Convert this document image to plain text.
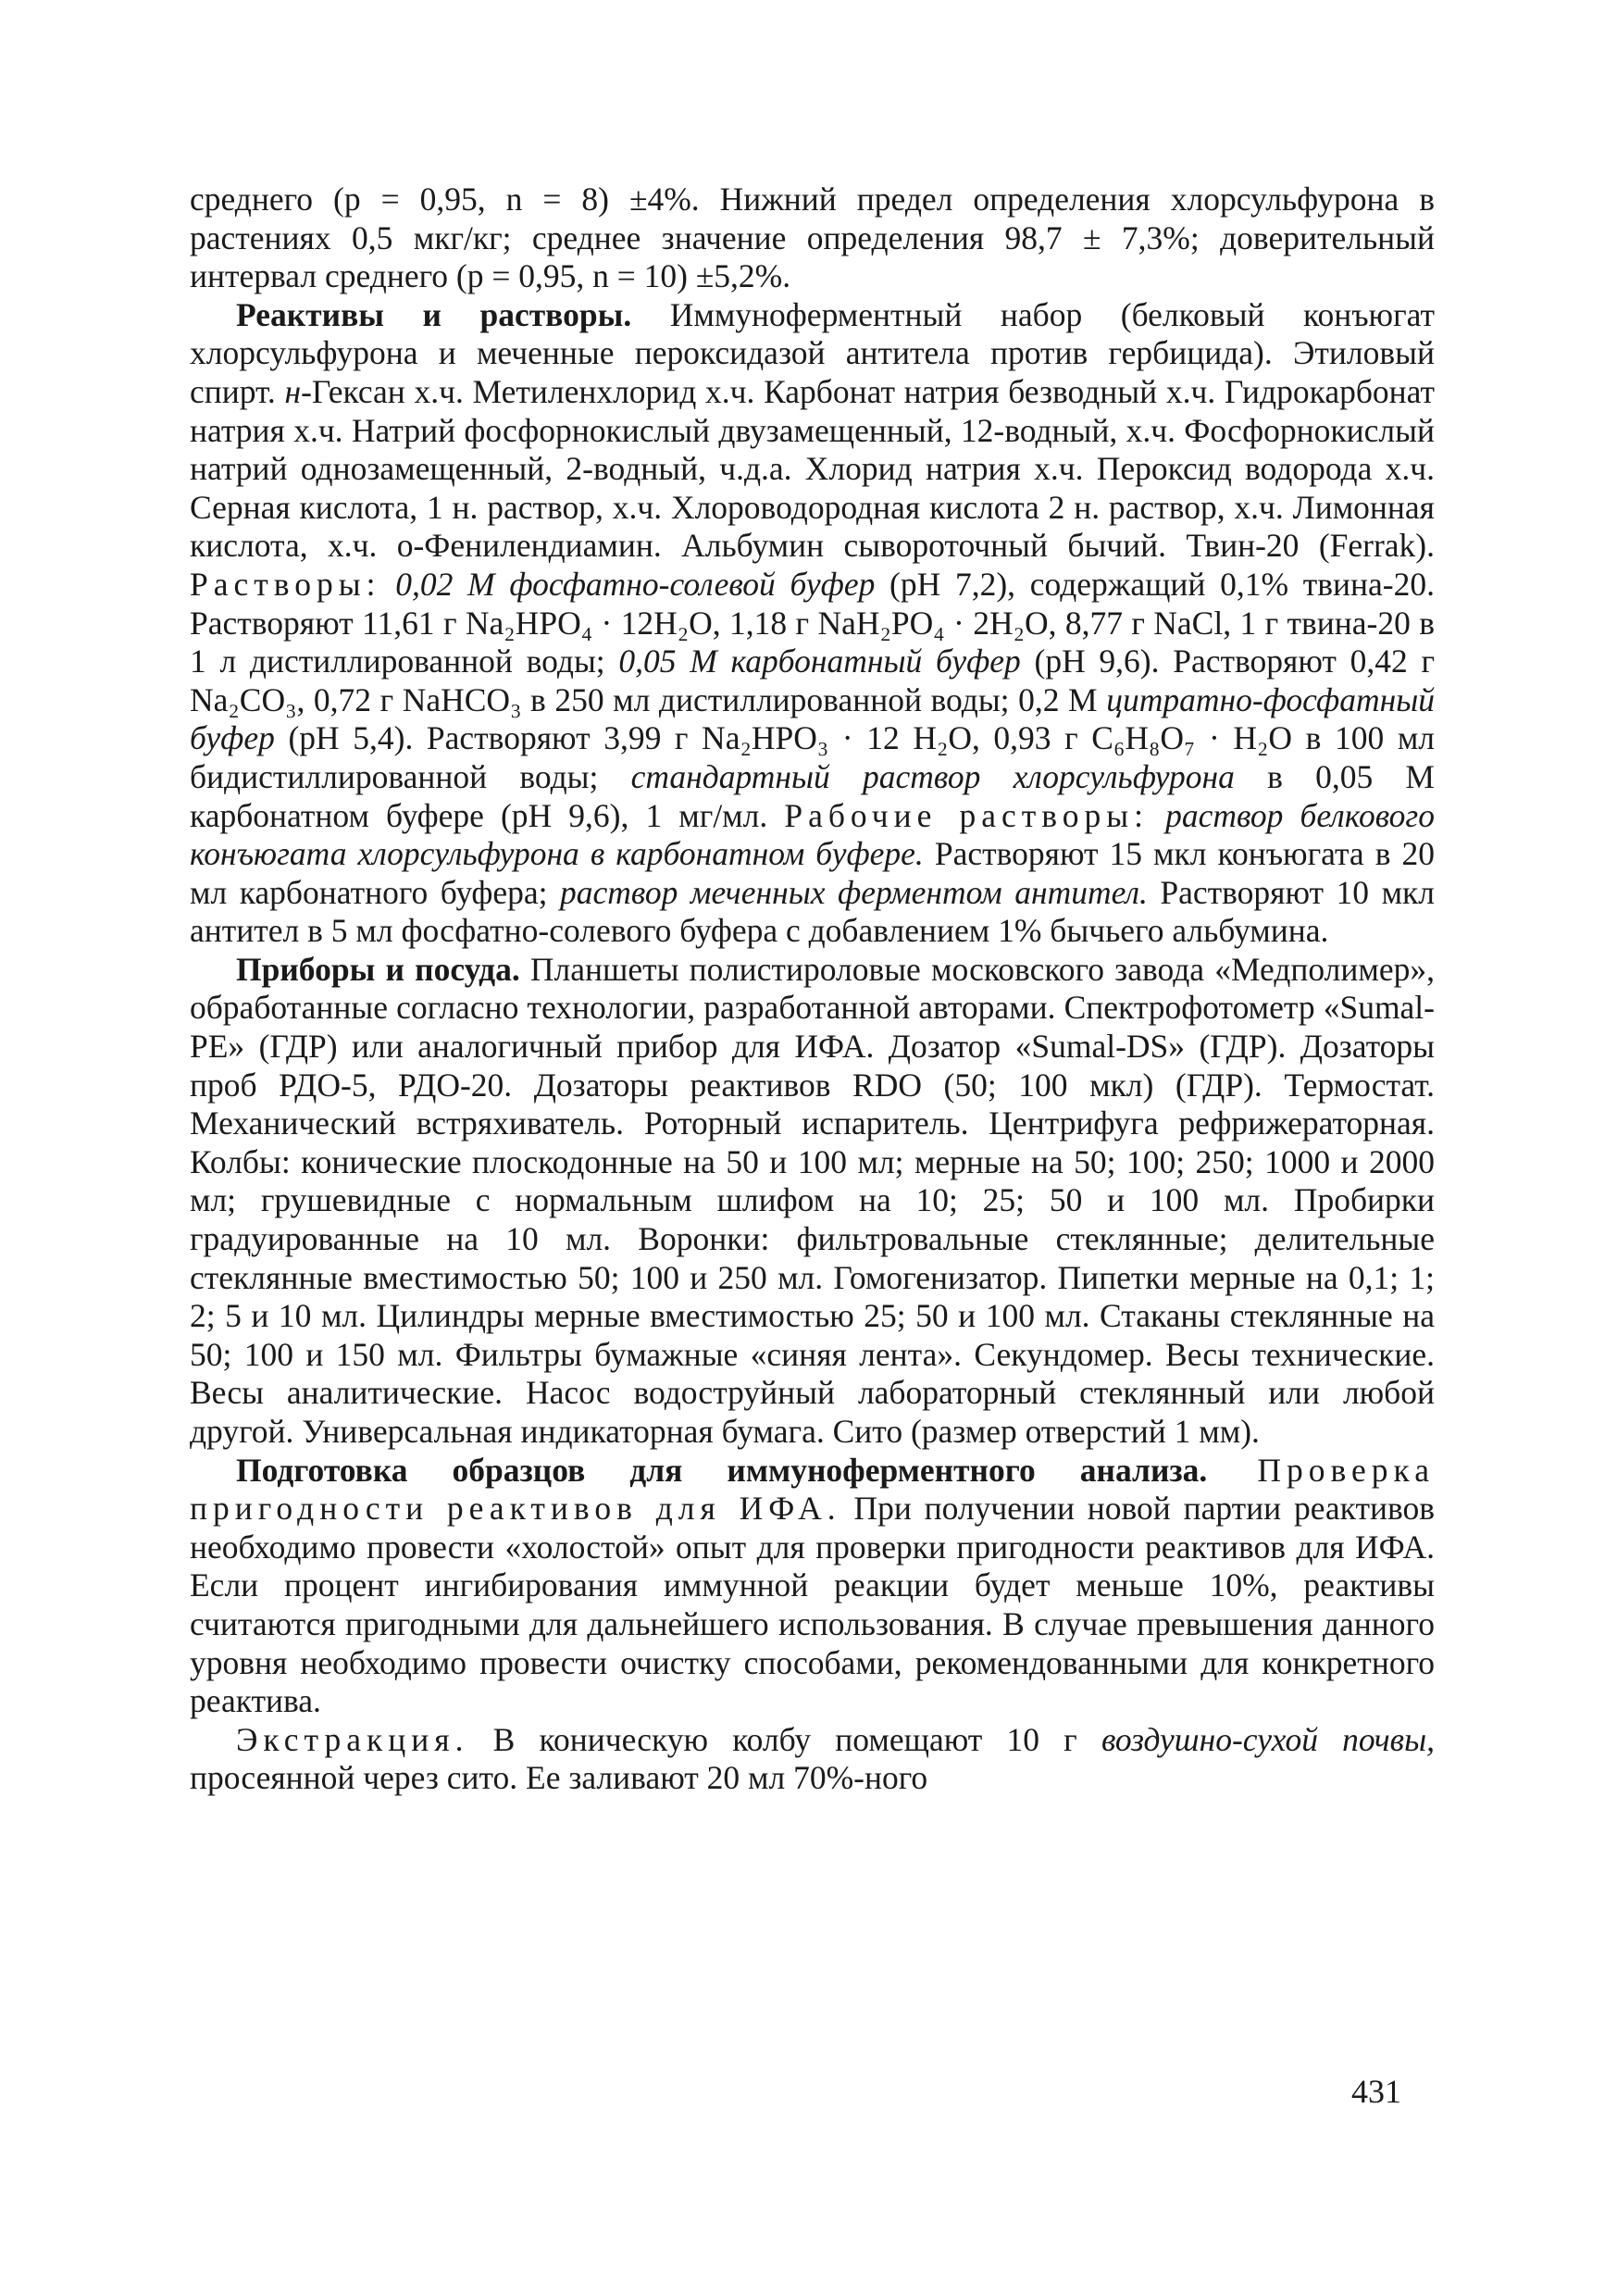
среднего (p = 0,95, n = 8) ±4%. Нижний предел определения хлорсульфурона в растениях 0,5 мкг/кг; среднее значение определения 98,7 ± 7,3%; доверительный интервал среднего (p = 0,95, n = 10) ±5,2%.

Реактивы и растворы. Иммуноферментный набор (белковый конъюгат хлорсульфурона и меченные пероксидазой антитела против гербицида). Этиловый спирт. н-Гексан х.ч. Метиленхлорид х.ч. Карбонат натрия безводный х.ч. Гидрокарбонат натрия х.ч. Натрий фосфорнокислый двузамещенный, 12-водный, х.ч. Фосфорнокислый натрий однозамещенный, 2-водный, ч.д.а. Хлорид натрия х.ч. Пероксид водорода х.ч. Серная кислота, 1 н. раствор, х.ч. Хлороводородная кислота 2 н. раствор, х.ч. Лимонная кислота, х.ч. о-Фенилендиамин. Альбумин сывороточный бычий. Твин-20 (Ferrak). Растворы: 0,02 М фосфатно-солевой буфер (pH 7,2), содержащий 0,1% твина-20. Растворяют 11,61 г Na₂HPO₄ · 12H₂O, 1,18 г NaH₂PO₄ · 2H₂O, 8,77 г NaCl, 1 г твина-20 в 1 л дистиллированной воды; 0,05 М карбонатный буфер (pH 9,6). Растворяют 0,42 г Na₂CO₃, 0,72 г NaHCO₃ в 250 мл дистиллированной воды; 0,2 М цитратно-фосфатный буфер (pH 5,4). Растворяют 3,99 г Na₂HPO₃ · 12 H₂O, 0,93 г C₆H₈O₇ · H₂O в 100 мл бидистиллированной воды; стандартный раствор хлорсульфурона в 0,05 М карбонатном буфере (pH 9,6), 1 мг/мл. Рабочие растворы: раствор белкового конъюгата хлорсульфурона в карбонатном буфере. Растворяют 15 мкл конъюгата в 20 мл карбонатного буфера; раствор меченных ферментом антител. Растворяют 10 мкл антител в 5 мл фосфатно-солевого буфера с добавлением 1% бычьего альбумина.

Приборы и посуда. Планшеты полистироловые московского завода «Медполимер», обработанные согласно технологии, разработанной авторами. Спектрофотометр «Sumal-PE» (ГДР) или аналогичный прибор для ИФА. Дозатор «Sumal-DS» (ГДР). Дозаторы проб РДО-5, РДО-20. Дозаторы реактивов RDO (50; 100 мкл) (ГДР). Термостат. Механический встряхиватель. Роторный испаритель. Центрифуга рефрижераторная. Колбы: конические плоскодонные на 50 и 100 мл; мерные на 50; 100; 250; 1000 и 2000 мл; грушевидные с нормальным шлифом на 10; 25; 50 и 100 мл. Пробирки градуированные на 10 мл. Воронки: фильтровальные стеклянные; делительные стеклянные вместимостью 50; 100 и 250 мл. Гомогенизатор. Пипетки мерные на 0,1; 1; 2; 5 и 10 мл. Цилиндры мерные вместимостью 25; 50 и 100 мл. Стаканы стеклянные на 50; 100 и 150 мл. Фильтры бумажные «синяя лента». Секундомер. Весы технические. Весы аналитические. Насос водоструйный лабораторный стеклянный или любой другой. Универсальная индикаторная бумага. Сито (размер отверстий 1 мм).

Подготовка образцов для иммуноферментного анализа. Проверка пригодности реактивов для ИФА. При получении новой партии реактивов необходимо провести «холостой» опыт для проверки пригодности реактивов для ИФА. Если процент ингибирования иммунной реакции будет меньше 10%, реактивы считаются пригодными для дальнейшего использования. В случае превышения данного уровня необходимо провести очистку способами, рекомендованными для конкретного реактива.

Экстракция. В коническую колбу помещают 10 г воздушно-сухой почвы, просеянной через сито. Ее заливают 20 мл 70%-ного

431
